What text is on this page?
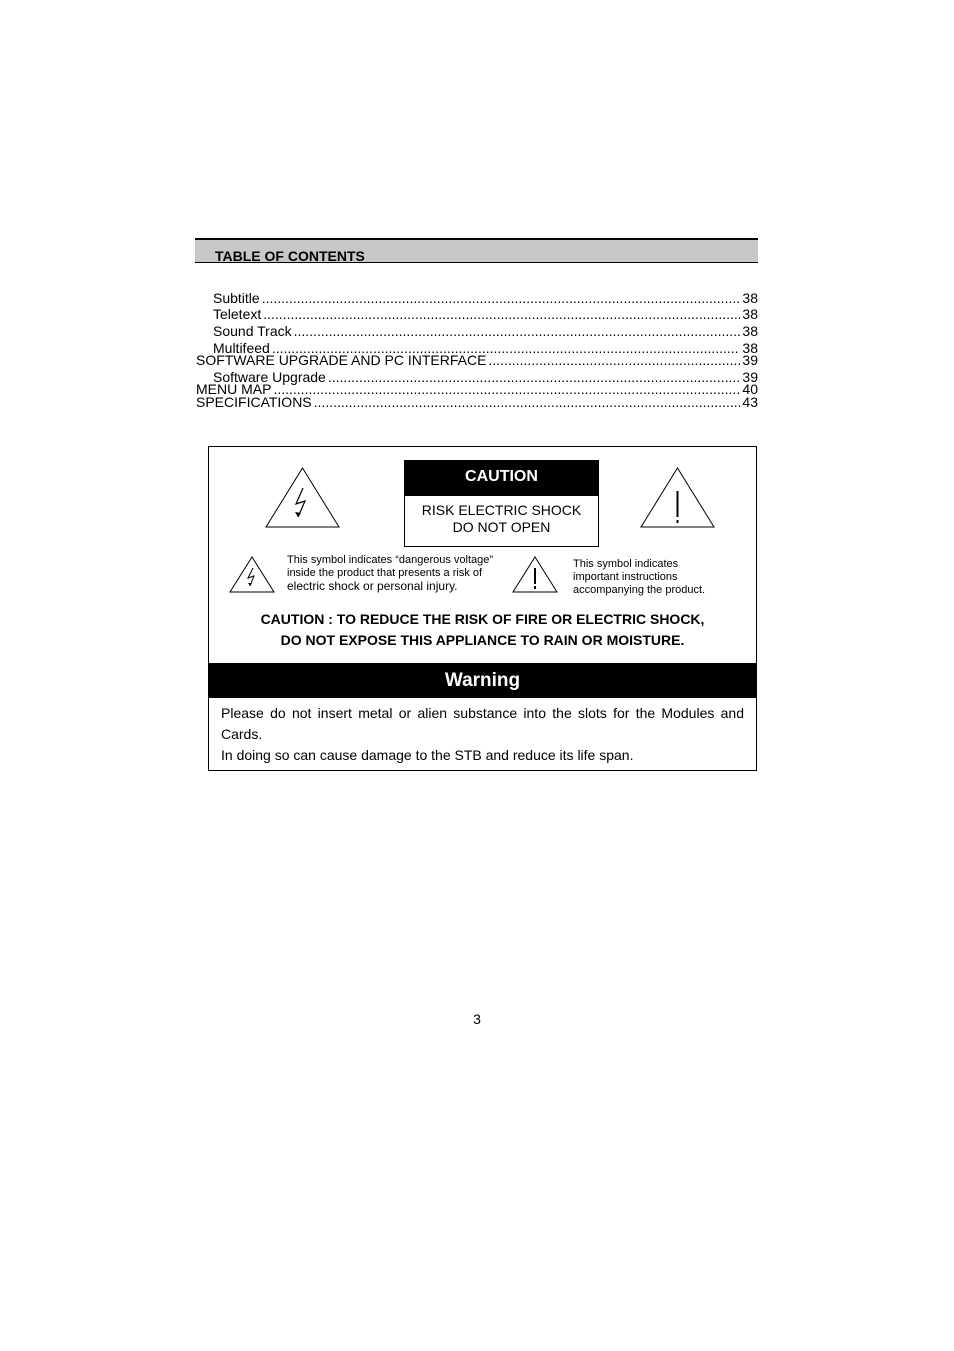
TABLE OF CONTENTS
Subtitle .....	38
Teletext .....	38
Sound Track .....	38
Multifeed .....	38
SOFTWARE UPGRADE AND PC INTERFACE .....	39
Software Upgrade .....	39
MENU MAP .....	40
SPECIFICATIONS .....	43
CAUTION
RISK ELECTRIC SHOCK
DO NOT OPEN
This symbol indicates “dangerous voltage”
inside the product that presents a risk of
electric shock or personal injury.
This symbol indicates
important instructions
accompanying the product.
CAUTION : TO REDUCE THE RISK OF FIRE OR ELECTRIC SHOCK,
DO NOT EXPOSE THIS APPLIANCE TO RAIN OR MOISTURE.
Warning

Please do not insert metal or alien substance into the slots for the Modules and Cards.

In doing so can cause damage to the STB and reduce its life span.

3
